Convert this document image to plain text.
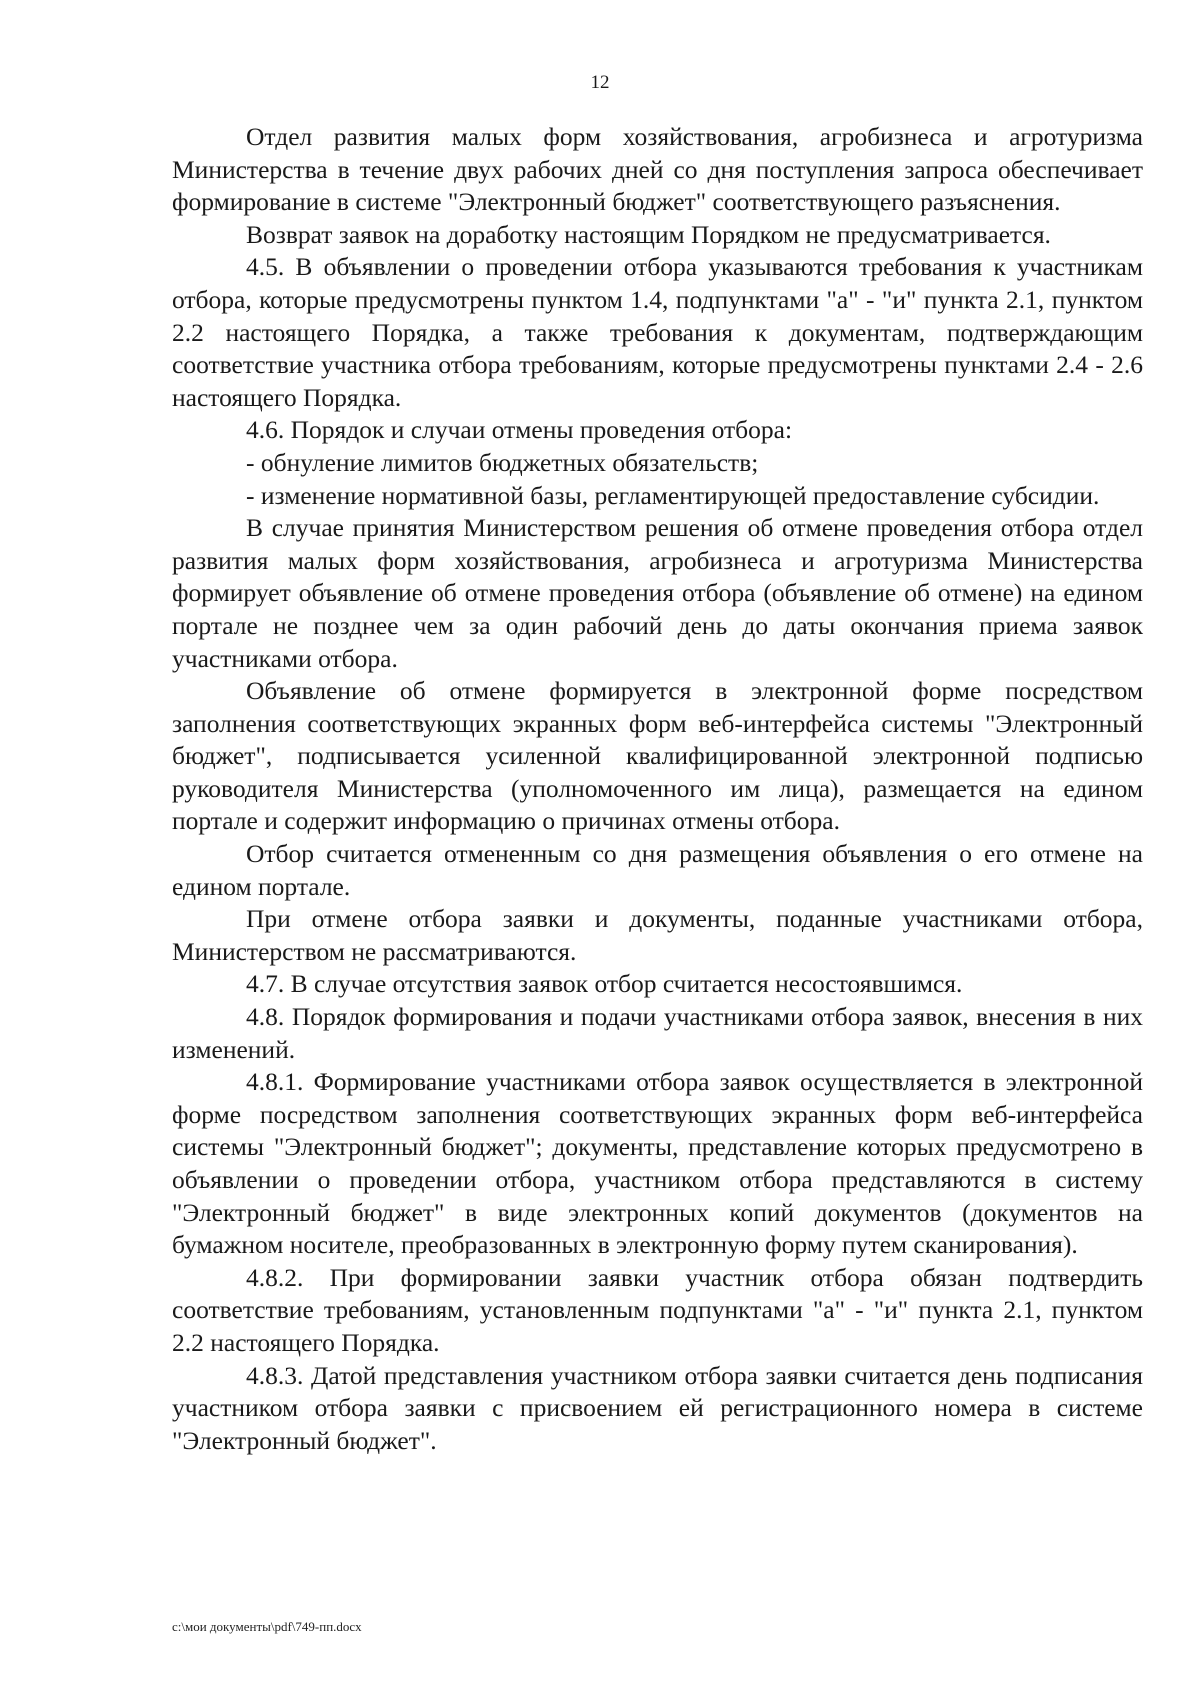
12

Отдел развития малых форм хозяйствования, агробизнеса и агротуризма Министерства в течение двух рабочих дней со дня поступления запроса обеспечивает формирование в системе "Электронный бюджет" соответствующего разъяснения.

Возврат заявок на доработку настоящим Порядком не предусматривается.

4.5. В объявлении о проведении отбора указываются требования к участникам отбора, которые предусмотрены пунктом 1.4, подпунктами "а" - "и" пункта 2.1, пунктом 2.2 настоящего Порядка, а также требования к документам, подтверждающим соответствие участника отбора требованиям, которые предусмотрены пунктами 2.4 - 2.6 настоящего Порядка.

4.6. Порядок и случаи отмены проведения отбора:

- обнуление лимитов бюджетных обязательств;

- изменение нормативной базы, регламентирующей предоставление субсидии.

В случае принятия Министерством решения об отмене проведения отбора отдел развития малых форм хозяйствования, агробизнеса и агротуризма Министерства формирует объявление об отмене проведения отбора (объявление об отмене) на едином портале не позднее чем за один рабочий день до даты окончания приема заявок участниками отбора.

Объявление об отмене формируется в электронной форме посредством заполнения соответствующих экранных форм веб-интерфейса системы "Электронный бюджет", подписывается усиленной квалифицированной электронной подписью руководителя Министерства (уполномоченного им лица), размещается на едином портале и содержит информацию о причинах отмены отбора.

Отбор считается отмененным со дня размещения объявления о его отмене на едином портале.

При отмене отбора заявки и документы, поданные участниками отбора, Министерством не рассматриваются.

4.7. В случае отсутствия заявок отбор считается несостоявшимся.

4.8. Порядок формирования и подачи участниками отбора заявок, внесения в них изменений.

4.8.1. Формирование участниками отбора заявок осуществляется в электронной форме посредством заполнения соответствующих экранных форм веб-интерфейса системы "Электронный бюджет"; документы, представление которых предусмотрено в объявлении о проведении отбора, участником отбора представляются в систему "Электронный бюджет" в виде электронных копий документов (документов на бумажном носителе, преобразованных в электронную форму путем сканирования).

4.8.2. При формировании заявки участник отбора обязан подтвердить соответствие требованиям, установленным подпунктами "а" - "и" пункта 2.1, пунктом 2.2 настоящего Порядка.

4.8.3. Датой представления участником отбора заявки считается день подписания участником отбора заявки с присвоением ей регистрационного номера в системе "Электронный бюджет".

c:\мои документы\pdf\749-пп.docx
